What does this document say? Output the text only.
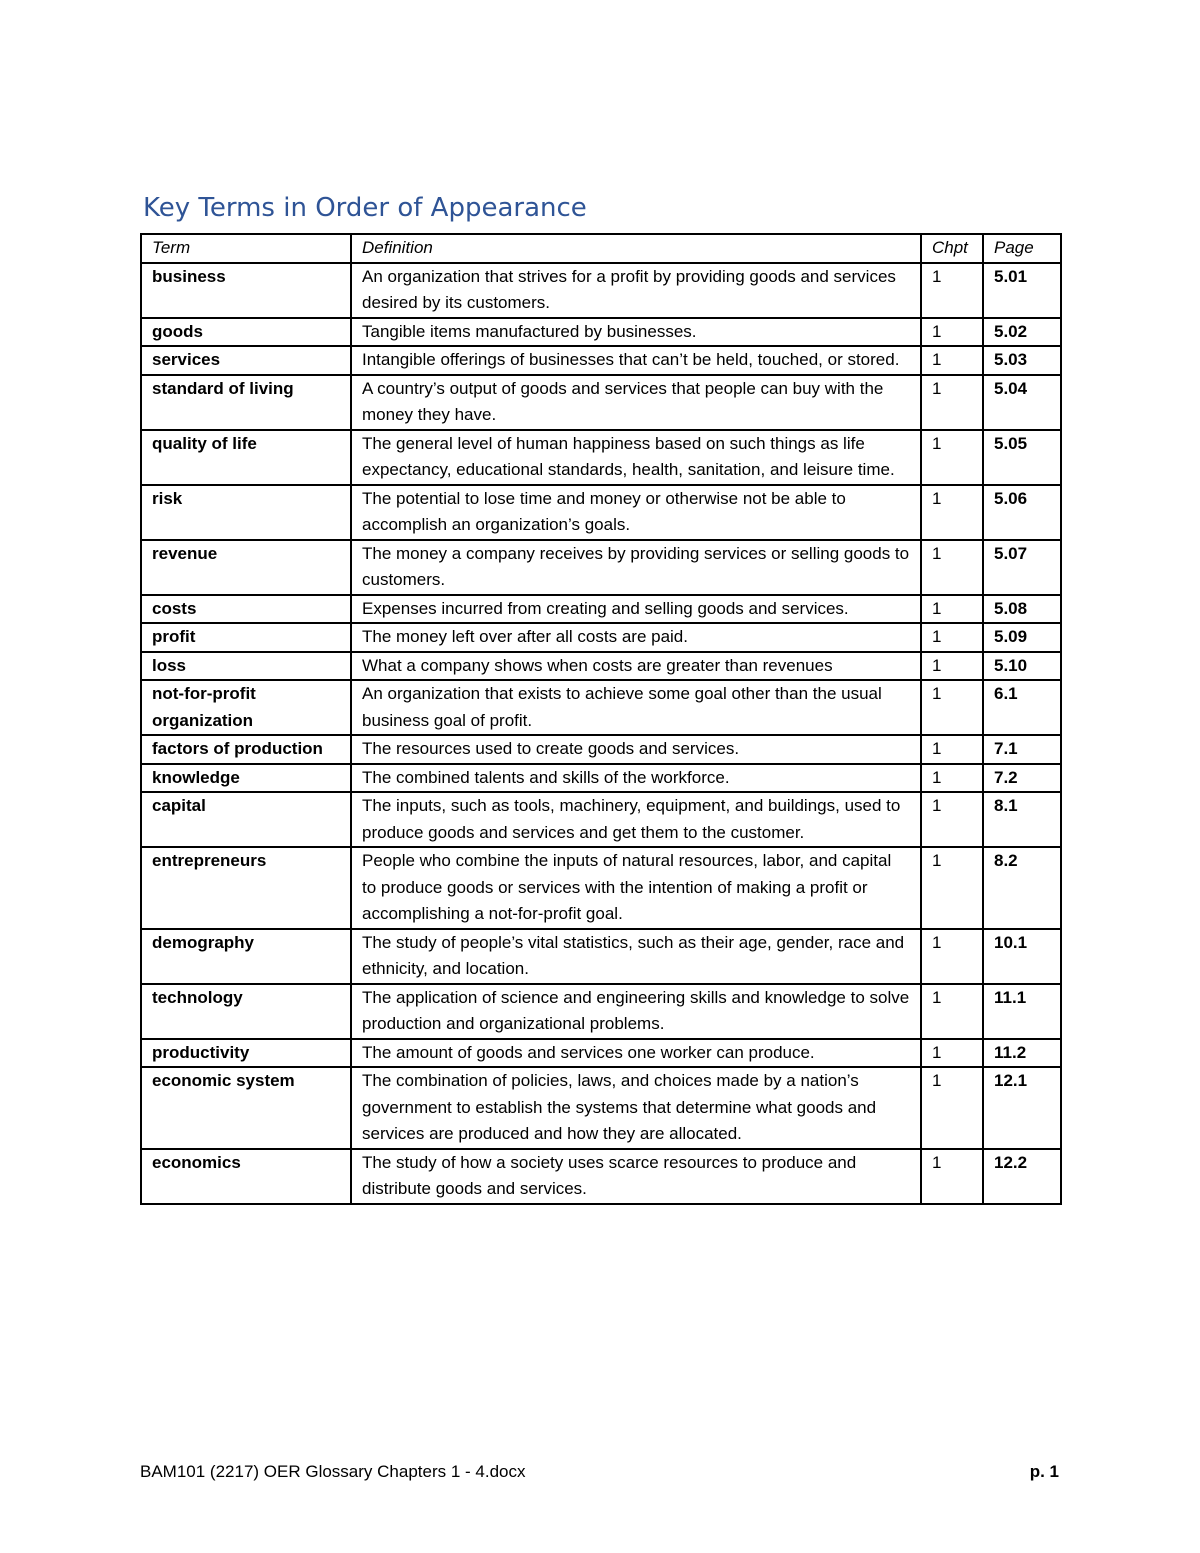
Key Terms in Order of Appearance
Term	Definition	Chpt	Page
business	An organization that strives for a profit by providing goods and services desired by its customers.	1	5.01
goods	Tangible items manufactured by businesses.	1	5.02
services	Intangible offerings of businesses that can’t be held, touched, or stored.	1	5.03
standard of living	A country’s output of goods and services that people can buy with the money they have.	1	5.04
quality of life	The general level of human happiness based on such things as life expectancy, educational standards, health, sanitation, and leisure time.	1	5.05
risk	The potential to lose time and money or otherwise not be able to accomplish an organization’s goals.	1	5.06
revenue	The money a company receives by providing services or selling goods to customers.	1	5.07
costs	Expenses incurred from creating and selling goods and services.	1	5.08
profit	The money left over after all costs are paid.	1	5.09
loss	What a company shows when costs are greater than revenues	1	5.10
not-for-profit organization	An organization that exists to achieve some goal other than the usual business goal of profit.	1	6.1
factors of production	The resources used to create goods and services.	1	7.1
knowledge	The combined talents and skills of the workforce.	1	7.2
capital	The inputs, such as tools, machinery, equipment, and buildings, used to produce goods and services and get them to the customer.	1	8.1
entrepreneurs	People who combine the inputs of natural resources, labor, and capital to produce goods or services with the intention of making a profit or accomplishing a not-for-profit goal.	1	8.2
demography	The study of people’s vital statistics, such as their age, gender, race and ethnicity, and location.	1	10.1
technology	The application of science and engineering skills and knowledge to solve production and organizational problems.	1	11.1
productivity	The amount of goods and services one worker can produce.	1	11.2
economic system	The combination of policies, laws, and choices made by a nation’s government to establish the systems that determine what goods and services are produced and how they are allocated.	1	12.1
economics	The study of how a society uses scarce resources to produce and distribute goods and services.	1	12.2
BAM101 (2217) OER Glossary Chapters 1 - 4.docx	p. 1
